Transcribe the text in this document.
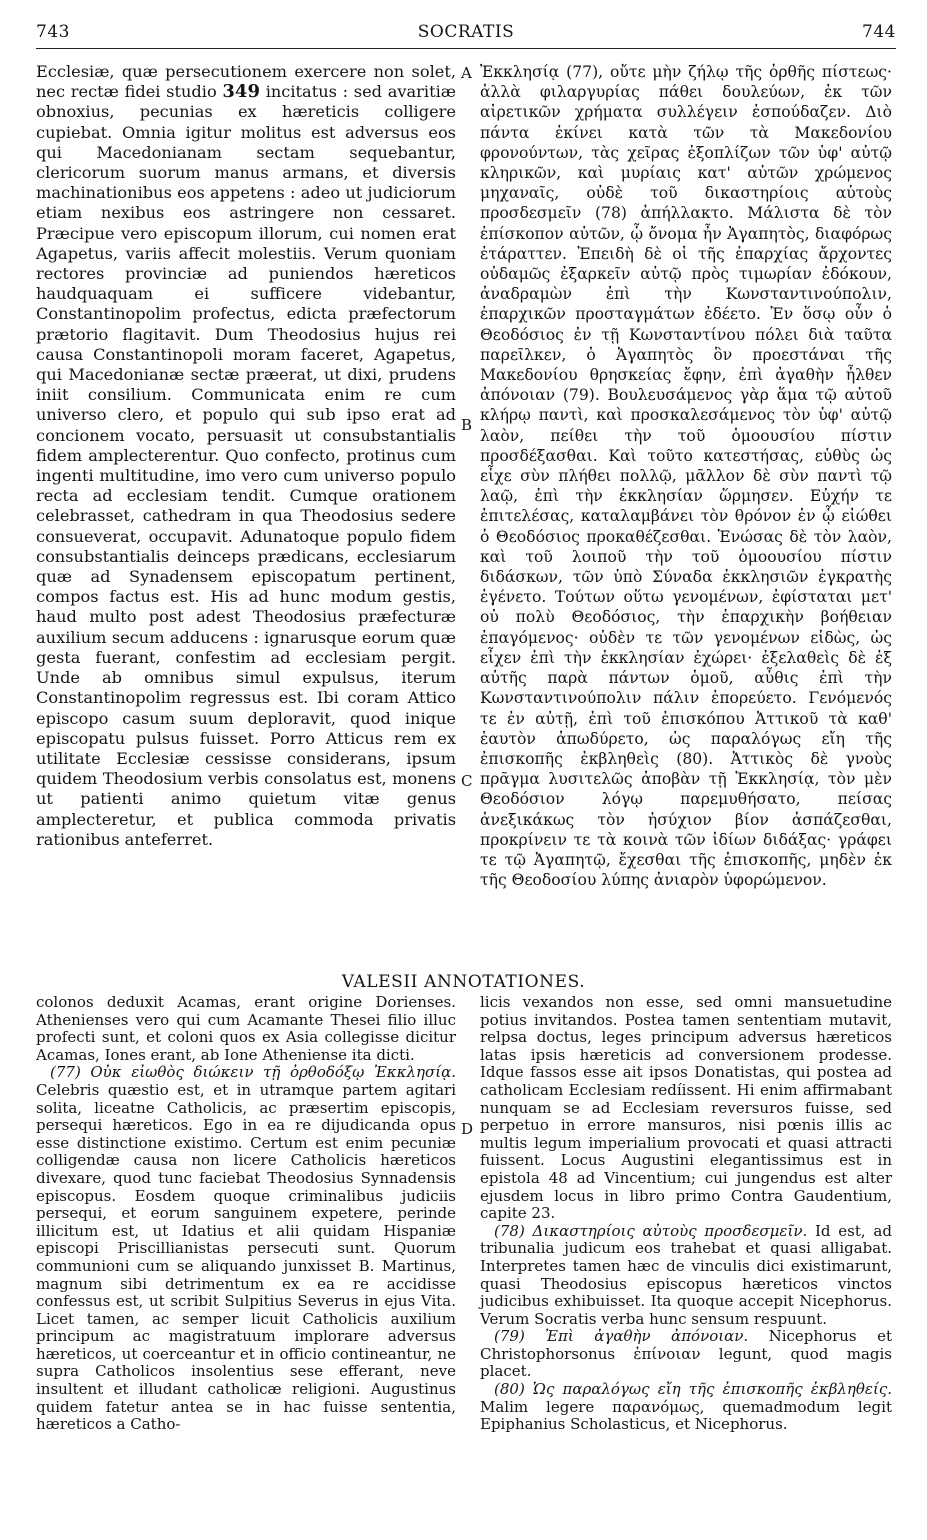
743	SOCRATIS	744

Ecclesiæ, quæ persecutionem exercere non solet, nec rectæ fidei studio 349 incitatus : sed avaritiæ obnoxius, pecunias ex hæreticis colligere cupiebat. Omnia igitur molitus est adversus eos qui Macedonianam sectam sequebantur, clericorum suorum manus armans, et diversis machinationibus eos appetens : adeo ut judiciorum etiam nexibus eos astringere non cessaret. Præcipue vero episcopum illorum, cui nomen erat Agapetus, variis affecit molestiis. Verum quoniam rectores provinciæ ad puniendos hæreticos haudquaquam ei sufficere videbantur, Constantinopolim profectus, edicta præfectorum prætorio flagitavit. Dum Theodosius hujus rei causa Constantinopoli moram faceret, Agapetus, qui Macedonianæ sectæ præerat, ut dixi, prudens iniit consilium. Communicata enim re cum universo clero, et populo qui sub ipso erat ad concionem vocato, persuasit ut consubstantialis fidem amplecterentur. Quo confecto, protinus cum ingenti multitudine, imo vero cum universo populo recta ad ecclesiam tendit. Cumque orationem celebrasset, cathedram in qua Theodosius sedere consueverat, occupavit. Adunatoque populo fidem consubstantialis deinceps prædicans, ecclesiarum quæ ad Synadensem episcopatum pertinent, compos factus est. His ad hunc modum gestis, haud multo post adest Theodosius præfecturæ auxilium secum adducens : ignarusque eorum quæ gesta fuerant, confestim ad ecclesiam pergit. Unde ab omnibus simul expulsus, iterum Constantinopolim regressus est. Ibi coram Attico episcopo casum suum deploravit, quod inique episcopatu pulsus fuisset. Porro Atticus rem ex utilitate Ecclesiæ cessisse considerans, ipsum quidem Theodosium verbis consolatus est, monens ut patienti animo quietum vitæ genus amplecteretur, et publica commoda privatis rationibus anteferret.

A
B
C
D

Ἐκκλησίᾳ (77), οὔτε μὴν ζήλῳ τῆς ὀρθῆς πίστεως· ἀλλὰ φιλαργυρίας πάθει δουλεύων, ἐκ τῶν αἱρετικῶν χρήματα συλλέγειν ἐσπούδαζεν. Διὸ πάντα ἐκίνει κατὰ τῶν τὰ Μακεδονίου φρονούντων, τὰς χεῖρας ἐξοπλίζων τῶν ὑφ' αὐτῷ κληρικῶν, καὶ μυρίαις κατ' αὐτῶν χρώμενος μηχαναῖς, οὐδὲ τοῦ δικαστηρίοις αὐτοὺς προσδεσμεῖν (78) ἀπήλλακτο. Μάλιστα δὲ τὸν ἐπίσκοπον αὐτῶν, ᾧ ὄνομα ἦν Ἀγαπητὸς, διαφόρως ἐτάραττεν. Ἐπειδὴ δὲ οἱ τῆς ἐπαρχίας ἄρχοντες οὐδαμῶς ἐξαρκεῖν αὐτῷ πρὸς τιμωρίαν ἐδόκουν, ἀναδραμὼν ἐπὶ τὴν Κωνσταντινούπολιν, ἐπαρχικῶν προσταγμάτων ἐδέετο. Ἐν ὅσῳ οὖν ὁ Θεοδόσιος ἐν τῇ Κωνσταντίνου πόλει διὰ ταῦτα παρεῖλκεν, ὁ Ἀγαπητὸς ὃν προεστάναι τῆς Μακεδονίου θρησκείας ἔφην, ἐπὶ ἀγαθὴν ἦλθεν ἀπόνοιαν (79). Βουλευσάμενος γὰρ ἅμα τῷ αὐτοῦ κλήρῳ παντὶ, καὶ προσκαλεσάμενος τὸν ὑφ' αὐτῷ λαὸν, πείθει τὴν τοῦ ὁμοουσίου πίστιν προσδέξασθαι. Καὶ τοῦτο κατεστήσας, εὐθὺς ὡς εἶχε σὺν πλήθει πολλῷ, μᾶλλον δὲ σὺν παντὶ τῷ λαῷ, ἐπὶ τὴν ἐκκλησίαν ὥρμησεν. Εὐχήν τε ἐπιτελέσας, καταλαμβάνει τὸν θρόνον ἐν ᾧ εἰώθει ὁ Θεοδόσιος προκαθέζεσθαι. Ἑνώσας δὲ τὸν λαὸν, καὶ τοῦ λοιποῦ τὴν τοῦ ὁμοουσίου πίστιν διδάσκων, τῶν ὑπὸ Σύναδα ἐκκλησιῶν ἐγκρατὴς ἐγένετο. Τούτων οὕτω γενομένων, ἐφίσταται μετ' οὐ πολὺ Θεοδόσιος, τὴν ἐπαρχικὴν βοήθειαν ἐπαγόμενος· οὐδὲν τε τῶν γενομένων εἰδὼς, ὡς εἶχεν ἐπὶ τὴν ἐκκλησίαν ἐχώρει· ἐξελαθεὶς δὲ ἐξ αὐτῆς παρὰ πάντων ὁμοῦ, αὖθις ἐπὶ τὴν Κωνσταντινούπολιν πάλιν ἐπορεύετο. Γενόμενός τε ἐν αὐτῇ, ἐπὶ τοῦ ἐπισκόπου Ἀττικοῦ τὰ καθ' ἑαυτὸν ἀπωδύρετο, ὡς παραλόγως εἴη τῆς ἐπισκοπῆς ἐκβληθεὶς (80). Ἀττικὸς δὲ γνοὺς πρᾶγμα λυσιτελῶς ἀποβὰν τῇ Ἐκκλησίᾳ, τὸν μὲν Θεοδόσιον λόγῳ παρεμυθήσατο, πείσας ἀνεξικάκως τὸν ἡσύχιον βίον ἀσπάζεσθαι, προκρίνειν τε τὰ κοινὰ τῶν ἰδίων διδάξας· γράφει τε τῷ Ἀγαπητῷ, ἔχεσθαι τῆς ἐπισκοπῆς, μηδὲν ἐκ τῆς Θεοδοσίου λύπης ἀνιαρὸν ὑφορώμενον.

VALESII ANNOTATIONES.

colonos deduxit Acamas, erant origine Dorienses. Athenienses vero qui cum Acamante Thesei filio illuc profecti sunt, et coloni quos ex Asia collegisse dicitur Acamas, Iones erant, ab Ione Atheniense ita dicti.

(77) Οὐκ εἰωθὸς διώκειν τῇ ὀρθοδόξῳ Ἐκκλησίᾳ. Celebris quæstio est, et in utramque partem agitari solita, liceatne Catholicis, ac præsertim episcopis, persequi hæreticos. Ego in ea re dijudicanda opus esse distinctione existimo. Certum est enim pecuniæ colligendæ causa non licere Catholicis hæreticos divexare, quod tunc faciebat Theodosius Synnadensis episcopus. Eosdem quoque criminalibus judiciis persequi, et eorum sanguinem expetere, perinde illicitum est, ut Idatius et alii quidam Hispaniæ episcopi Priscillianistas persecuti sunt. Quorum communioni cum se aliquando junxisset B. Martinus, magnum sibi detrimentum ex ea re accidisse confessus est, ut scribit Sulpitius Severus in ejus Vita. Licet tamen, ac semper licuit Catholicis auxilium principum ac magistratuum implorare adversus hæreticos, ut coerceantur et in officio contineantur, ne supra Catholicos insolentius sese efferant, neve insultent et illudant catholicæ religioni. Augustinus quidem fatetur antea se in hac fuisse sententia, hæreticos a Catho-

licis vexandos non esse, sed omni mansuetudine potius invitandos. Postea tamen sententiam mutavit, relpsa doctus, leges principum adversus hæreticos latas ipsis hæreticis ad conversionem prodesse. Idque fassos esse ait ipsos Donatistas, qui postea ad catholicam Ecclesiam redíissent. Hi enim affirmabant nunquam se ad Ecclesiam reversuros fuisse, sed perpetuo in errore mansuros, nisi pœnis illis ac multis legum imperialium provocati et quasi attracti fuissent. Locus Augustini elegantissimus est in epistola 48 ad Vincentium; cui jungendus est alter ejusdem locus in libro primo Contra Gaudentium, capite 23.

(78) Δικαστηρίοις αὐτοὺς προσδεσμεῖν. Id est, ad tribunalia judicum eos trahebat et quasi alligabat. Interpretes tamen hæc de vinculis dici existimarunt, quasi Theodosius episcopus hæreticos vinctos judicibus exhibuisset. Ita quoque accepit Nicephorus. Verum Socratis verba hunc sensum respuunt.

(79) Ἐπὶ ἀγαθὴν ἀπόνοιαν. Nicephorus et Christophorsonus ἐπίνοιαν legunt, quod magis placet.

(80) Ὡς παραλόγως εἴη τῆς ἐπισκοπῆς ἐκβληθείς. Malim legere παρανόμως, quemadmodum legit Epiphanius Scholasticus, et Nicephorus.
